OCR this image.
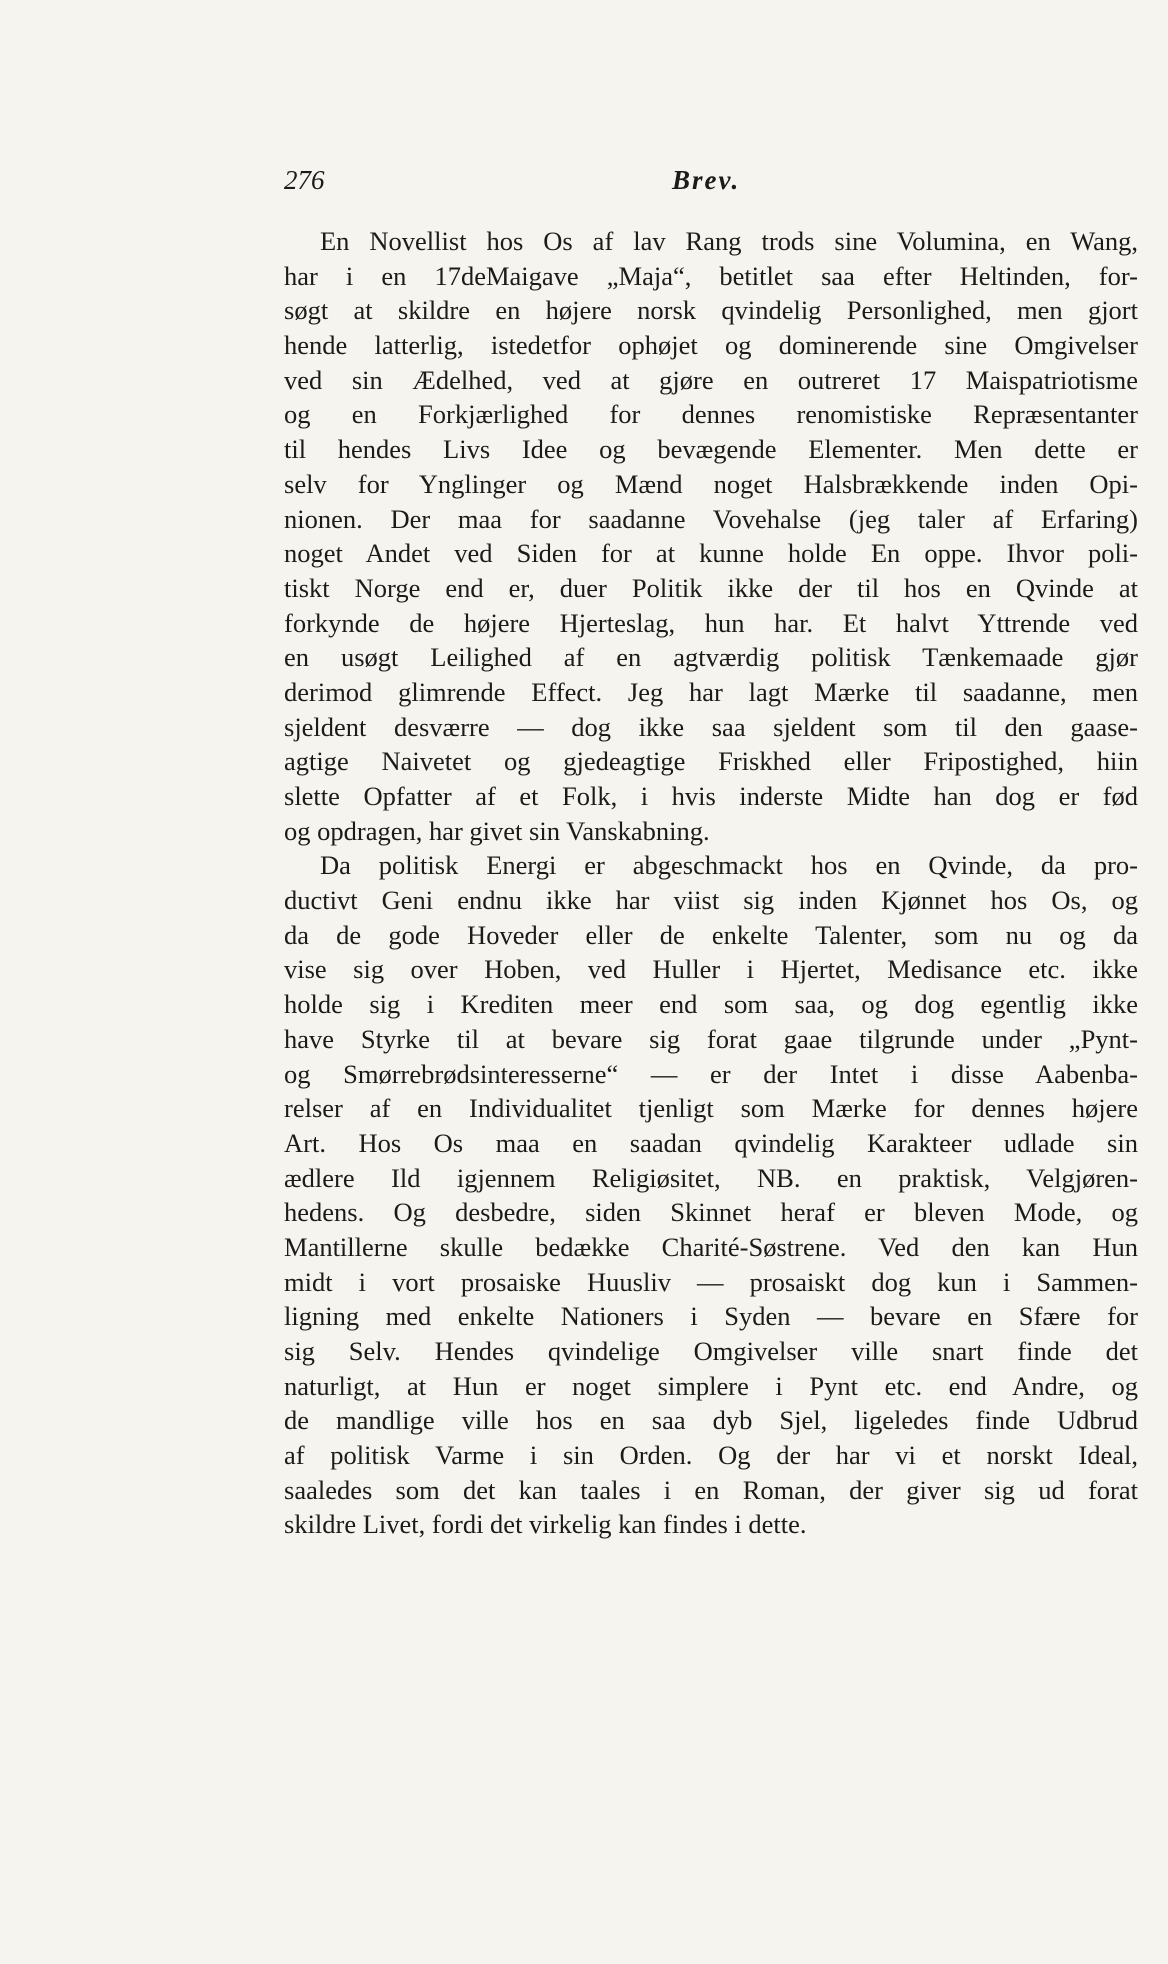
276	Brev.
En Novellist hos Os af lav Rang trods sine Volumina, en Wang,
har i en 17deMaigave „Maja“, betitlet saa efter Heltinden, for-
søgt at skildre en højere norsk qvindelig Personlighed, men gjort
hende latterlig, istedetfor ophøjet og dominerende sine Omgivelser
ved sin Ædelhed, ved at gjøre en outreret 17 Maispatriotisme
og en Forkjærlighed for dennes renomistiske Repræsentanter
til hendes Livs Idee og bevægende Elementer. Men dette er
selv for Ynglinger og Mænd noget Halsbrækkende inden Opi-
nionen. Der maa for saadanne Vovehalse (jeg taler af Erfaring)
noget Andet ved Siden for at kunne holde En oppe. Ihvor poli-
tiskt Norge end er, duer Politik ikke der til hos en Qvinde at
forkynde de højere Hjerteslag, hun har. Et halvt Yttrende ved
en usøgt Leilighed af en agtværdig politisk Tænkemaade gjør
derimod glimrende Effect. Jeg har lagt Mærke til saadanne, men
sjeldent desværre — dog ikke saa sjeldent som til den gaase-
agtige Naivetet og gjedeagtige Friskhed eller Fripostighed, hiin
slette Opfatter af et Folk, i hvis inderste Midte han dog er fød
og opdragen, har givet sin Vanskabning.
Da politisk Energi er abgeschmackt hos en Qvinde, da pro-
ductivt Geni endnu ikke har viist sig inden Kjønnet hos Os, og
da de gode Hoveder eller de enkelte Talenter, som nu og da
vise sig over Hoben, ved Huller i Hjertet, Medisance etc. ikke
holde sig i Krediten meer end som saa, og dog egentlig ikke
have Styrke til at bevare sig forat gaae tilgrunde under „Pynt-
og Smørrebrødsinteresserne“ — er der Intet i disse Aabenba-
relser af en Individualitet tjenligt som Mærke for dennes højere
Art. Hos Os maa en saadan qvindelig Karakteer udlade sin
ædlere Ild igjennem Religiøsitet, NB. en praktisk, Velgjøren-
hedens. Og desbedre, siden Skinnet heraf er bleven Mode, og
Mantillerne skulle bedække Charité-Søstrene. Ved den kan Hun
midt i vort prosaiske Huusliv — prosaiskt dog kun i Sammen-
ligning med enkelte Nationers i Syden — bevare en Sfære for
sig Selv. Hendes qvindelige Omgivelser ville snart finde det
naturligt, at Hun er noget simplere i Pynt etc. end Andre, og
de mandlige ville hos en saa dyb Sjel, ligeledes finde Udbrud
af politisk Varme i sin Orden. Og der har vi et norskt Ideal,
saaledes som det kan taales i en Roman, der giver sig ud forat
skildre Livet, fordi det virkelig kan findes i dette.
